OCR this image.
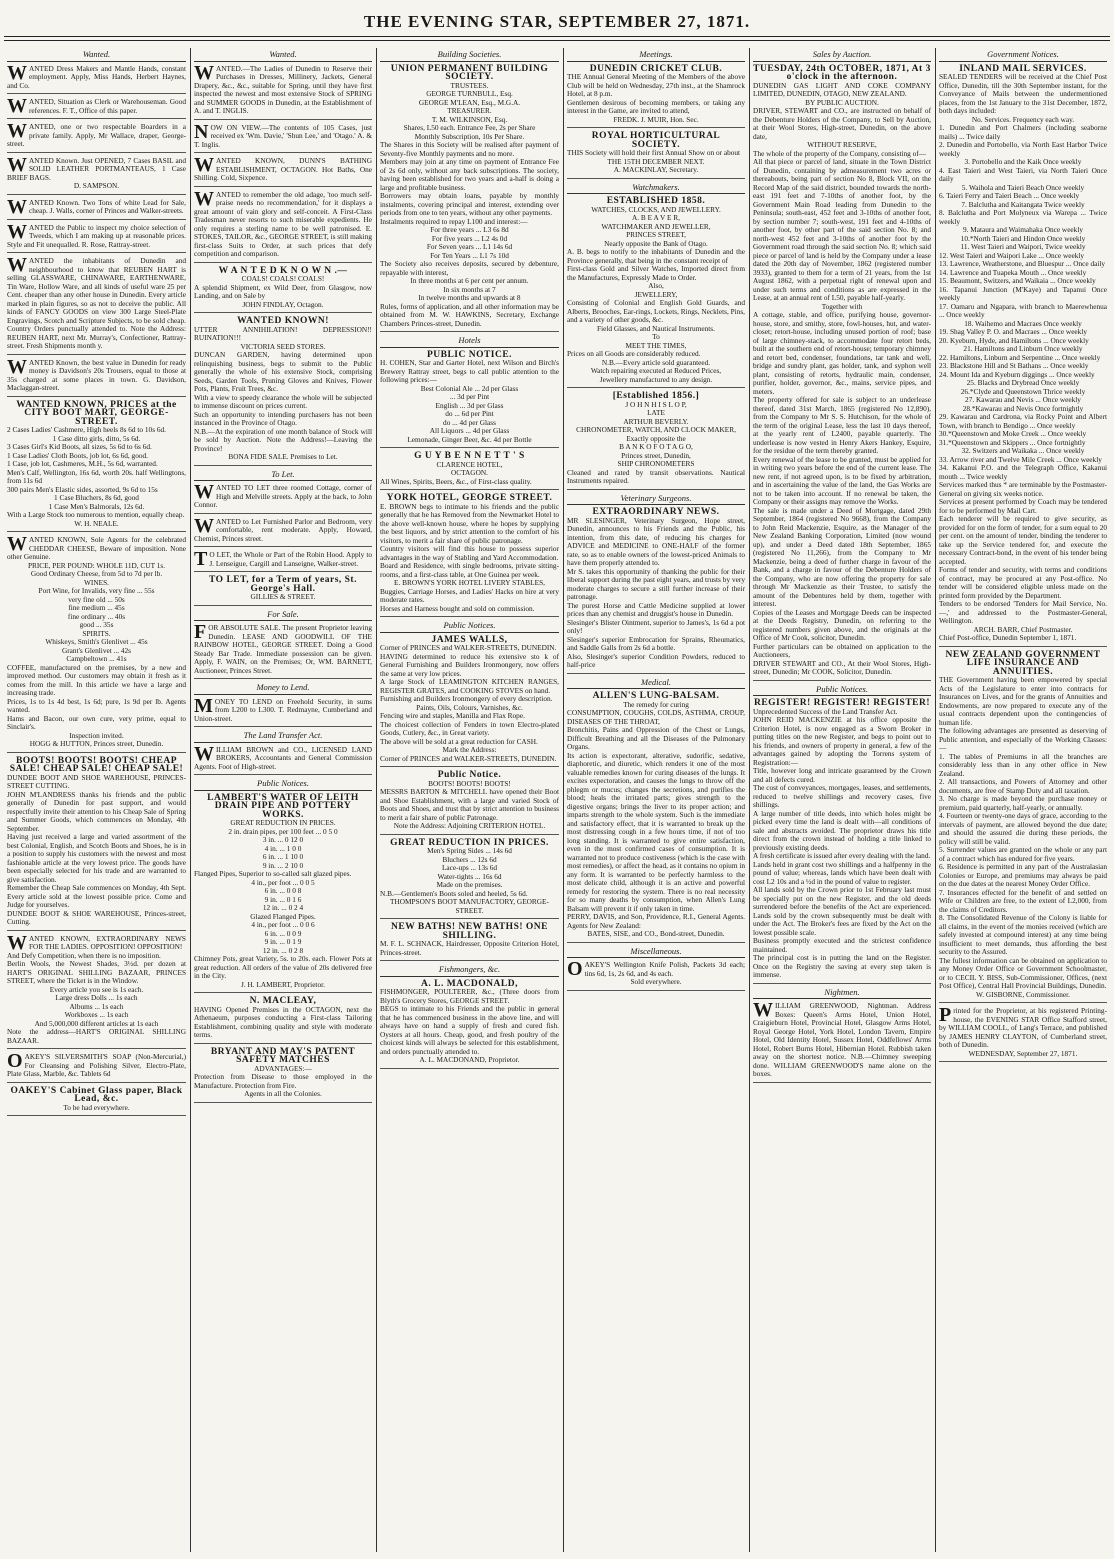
THE EVENING STAR, SEPTEMBER 27, 1871.
Wanted.

WANTED Dress Makers and Mantle Hands, constant employment. Apply, Miss Hands, Herbert Haynes, and Co.

WANTED, Situation as Clerk or Warehouseman. Good references. F. T., Office of this paper.

WANTED, one or two respectable Boarders in a private family. Apply, Mr Wallace, draper, George-street.

WANTED Known. Just OPENED, 7 Cases BASIL and SOLID LEATHER PORTMANTEAUS, 1 Case BRIEF BAGS.

D. SAMPSON.

WANTED Known. Two Tons of white Lead for Sale, cheap. J. Walls, corner of Princes and Walker-streets.

WANTED the Public to inspect my choice selection of Tweeds, which I am making up at reasonable prices. Style and Fit unequalled. R. Rose, Rattray-street.

WANTED the inhabitants of Dunedin and neighbourhood to know that REUBEN HART is selling GLASSWARE, CHINAWARE, EARTHENWARE, Tin Ware, Hollow Ware, and all kinds of useful ware 25 per Cent. cheaper than any other house in Dunedin. Every article marked in plain figures, so as not to deceive the public. All kinds of FANCY GOODS on view 300 Large Steel-Plate Engravings, Scotch and Scripture Subjects, to be sold cheap. Country Orders punctually attended to. Note the Address: REUBEN HART, next Mr. Murray's, Confectioner, Rattray-street. Fresh Shipments month y.

WANTED Known, the best value in Dunedin for ready money is Davidson's 20s Trousers, equal to those at 35s charged at some places in town. G. Davidson, Maclaggan-street.

WANTED KNOWN, PRICES at the CITY BOOT MART, GEORGE-STREET.

2 Cases Ladies' Cashmere, High heels 8s 6d to 10s 6d.

1 Case ditto girls, ditto, 5s 6d.

3 Cases Girl's Kid Boots, all sizes, 5s 6d to 6s 6d.

1 Case Ladies' Cloth Boots, job lot, 6s 6d, good.

1 Case, job lot, Cashmeres, M.H., 5s 6d, warranted.

Men's Calf, Wellington, 16s 6d, worth 20s. half Wellingtons, from 11s 6d

300 pairs Men's Elastic sides, assorted, 9s 6d to 15s

1 Case Bluchers, 8s 6d, good

1 Case Men's Balmorals, 12s 6d.

With a Large Stock too numerous to mention, equally cheap.

W. H. NEALE.

WANTED KNOWN, Sole Agents for the celebrated CHEDDAR CHEESE, Beware of imposition. None other Genuine.

PRICE, PER POUND: WHOLE 11D, CUT 1s.

Good Ordinary Cheese, from 5d to 7d per lb.

WINES.

Port Wine, for Invalids, very fine ... 55s

very fine old ... 50s

fine medium ... 45s

fine ordinary ... 40s

good ... 35s

SPIRITS.

Whiskeys, Smith's Glenlivet ... 45s

Grant's Glenlivet ... 42s

Campbeltown ... 41s

COFFEE, manufactured on the premises, by a new and improved method. Our customers may obtain it fresh as it comes from the mill. In this article we have a large and increasing trade.

Prices, 1s to 1s 4d best, 1s 6d; pure, 1s 9d per lb. Agents wanted.

Hams and Bacon, our own cure, very prime, equal to Sinclair's.

Inspection invited.

HOGG & HUTTON, Princes street, Dunedin.

BOOTS! BOOTS! BOOTS! CHEAP SALE! CHEAP SALE! CHEAP SALE!

DUNDEE BOOT AND SHOE WAREHOUSE, PRINCES-STREET CUTTING.

JOHN M'LANDRESS thanks his friends and the public generally of Dunedin for past support, and would respectfully invite their attention to his Cheap Sale of Spring and Summer Goods, which commences on Monday, 4th September.

Having just received a large and varied assortment of the best Colonial, English, and Scotch Boots and Shoes, he is in a position to supply his customers with the newest and most fashionable article at the very lowest price. The goods have been especially selected for his trade and are warranted to give satisfaction.

Remember the Cheap Sale commences on Monday, 4th Sept. Every article sold at the lowest possible price. Come and Judge for yourselves.

DUNDEE BOOT & SHOE WAREHOUSE, Princes-street, Cutting.

WANTED KNOWN, EXTRAORDINARY NEWS FOR THE LADIES. OPPOSITION! OPPOSITION!

And Defy Competition, when there is no imposition.

Berlin Wools, the Newest Shades, 3½d. per dozen at HART'S ORIGINAL SHILLING BAZAAR, PRINCES STREET, where the Ticket is in the Window.

Every article you see is 1s each.

Large dress Dolls ... 1s each

Albums ... 1s each

Workboxes ... 1s each

And 5,000,000 different articles at 1s each

Note the address—HART'S ORIGINAL SHILLING BAZAAR.

OAKEY'S SILVERSMITH'S SOAP (Non-Mercurial,) For Cleansing and Polishing Silver, Electro-Plate, Plate Glass, Marble, &c. Tablets 6d

OAKEY'S Cabinet Glass paper, Black Lead, &c.

To be had everywhere.

Wanted.

WANTED.—The Ladies of Dunedin to Reserve their Purchases in Dresses, Millinery, Jackets, General Drapery, &c., &c., suitable for Spring, until they have first inspected the newest and most extensive Stock of SPRING and SUMMER GOODS in Dunedin, at the Establishment of A. and T. INGLIS.

NOW ON VIEW.—The contents of 105 Cases, just received ex 'Wm. Davie,' 'Shun Lee,' and 'Otago.' A. & T. Inglis.

WANTED KNOWN, DUNN'S BATHING ESTABLISHMENT, OCTAGON. Hot Baths, One Shilling. Cold, Sixpence.

WANTED to remember the old adage, 'too much self-praise needs no recommendation,' for it displays a great amount of vain glory and self-conceit. A First-Class Tradesman never resorts to such miserable expedients. He only requires a sterling name to be well patronised. E. STOKES, TAILOR, &c., GEORGE STREET, is still making first-class Suits to Order, at such prices that defy competition and comparison.

W A N T E D K N O W N .—

COALS! COALS! COALS!

A splendid Shipment, ex Wild Deer, from Glasgow, now Landing, and on Sale by

JOHN FINDLAY, Octagon.

WANTED KNOWN!

UTTER ANNIHILATION! DEPRESSION!! RUINATION!!!

VICTORIA SEED STORES.

DUNCAN GARDEN, having determined upon relinquishing business, begs to submit to the Public generally the whole of his extensive Stock, comprising Seeds, Garden Tools, Pruning Gloves and Knives, Flower Pots, Plants, Fruit Trees, &c.

With a view to speedy clearance the whole will be subjected to immense discount on prices current.

Such an opportunity to intending purchasers has not been instanced in the Province of Otago.

N.B.—At the expiration of one month balance of Stock will be sold by Auction. Note the Address!—Leaving the Province!

BONA FIDE SALE. Premises to Let.

To Let.

WANTED TO LET three roomed Cottage, corner of High and Melville streets. Apply at the back, to John Connor.

WANTED to Let Furnished Parlor and Bedroom, very comfortable, rent moderate. Apply, Howard, Chemist, Princes street.

TO LET, the Whole or Part of the Robin Hood. Apply to J. Lenseigue, Cargill and Lanseigne, Walker-street.

TO LET, for a Term of years, St. George's Hall.

GILLIES & STREET.

For Sale.

FOR ABSOLUTE SALE. The present Proprietor leaving Dunedin. LEASE AND GOODWILL OF THE RAINBOW HOTEL, GEORGE STREET. Doing a Good Steady Bar Trade. Immediate possession can be given. Apply, F. WAIN, on the Premises; Or, WM. BARNETT, Auctioneer, Princes Street.

Money to Lend.

MONEY TO LEND on Freehold Security, in sums from L200 to L300. T. Redmayne, Cumberland and Union-street.

The Land Transfer Act.

WILLIAM BROWN and CO., LICENSED LAND BROKERS, Accountants and General Commission Agents. Foot of High-street.

Public Notices.

LAMBERT'S WATER OF LEITH DRAIN PIPE AND POTTERY WORKS.

GREAT REDUCTION IN PRICES.

2 in. drain pipes, per 100 feet ... 0 5 0

3 in. ... 0 12 0

4 in. ... 1 0 0

6 in. ... 1 10 0

9 in. ... 2 10 0

Flanged Pipes, Superior to so-called salt glazed pipes.

4 in., per foot ... 0 0 5

6 in. ... 0 0 8

9 in. ... 0 1 6

12 in. ... 0 2 4

Glazed Flanged Pipes.

4 in., per foot ... 0 0 6

6 in. ... 0 0 9

9 in. ... 0 1 9

12 in. ... 0 2 8

Chimney Pots, great Variety, 5s. to 20s. each. Flower Pots at great reduction. All orders of the value of 20s delivered free in the City.

J. H. LAMBERT, Proprietor.

N. MACLEAY,

HAVING Opened Premises in the OCTAGON, next the Athenaeum, purposes conducting a First-class Tailoring Establishment, combining quality and style with moderate terms.

BRYANT AND MAY'S PATENT SAFETY MATCHES

ADVANTAGES:—

Protection from Disease to those employed in the Manufacture. Protection from Fire.

Agents in all the Colonies.

Building Societies.

UNION PERMANENT BUILDING SOCIETY.

TRUSTEES.

GEORGE TURNBULL, Esq.

GEORGE M'LEAN, Esq., M.G.A.

TREASURER.

T. M. WILKINSON, Esq.

Shares, L50 each. Entrance Fee, 2s per Share

Monthly Subscription, 10s Per Share.

The Shares in this Society will be realised after payment of Seventy-five Monthly payments and no more.

Members may join at any time on payment of Entrance Fee of 2s 6d only, without any back subscriptions. The society, having been established for two years and a-half is doing a large and profitable business.

Borrowers may obtain loans, payable by monthly instalments, covering principal and interest, extending over periods from one to ten years, without any other payments.

Instalments required to repay L100 and interest:—

For three years ... L3 6s 8d

For five years ... L2 4s 0d

For Seven years ... L1 14s 6d

For Ten Years ... L1 7s 10d

The Society also receives deposits, secured by debenture, repayable with interest,

In three months at 6 per cent per annum.

In six months at 7

In twelve months and upwards at 8

Rules, forms of application, and all other information may be obtained from M. W. HAWKINS, Secretary, Exchange Chambers Princes-street, Dunedin.

Hotels

PUBLIC NOTICE.

H. COHEN, Star and Garter Hotel, next Wilson and Birch's Brewery Rattray street, begs to call public attention to the following prices:—

Best Colonial Ale ... 2d per Glass

... 3d per Pint

English ... 3d per Glass

do ... 6d per Pint

do ... 4d per Glass

All Liquors ... 4d per Glass

Lemonade, Ginger Beer, &c. 4d per Bottle

G U Y B E N N E T T ' S

CLARENCE HOTEL,

OCTAGON.

All Wines, Spirits, Beers, &c., of First-class quality.

YORK HOTEL, GEORGE STREET.

E. BROWN begs to intimate to his friends and the public generally that he has Removed from the Newmarket Hotel to the above well-known house, where he hopes by supplying the best liquors, and by strict attention to the comfort of his visitors, to merit a fair share of public patronage.

Country visitors will find this house to possess superior advantages in the way of Stabling and Yard Accommodation.

Board and Residence, with single bedrooms, private sitting-rooms, and a first-class table, at One Guinea per week.

E. BROWN'S YORK HOTEL LIVERY STABLES,

Buggies, Carriage Horses, and Ladies' Hacks on hire at very moderate rates.

Horses and Harness bought and sold on commission.

Public Notices.

JAMES WALLS,

Corner of PRINCES and WALKER-STREETS, DUNEDIN.

HAVING determined to reduce his extensive sto k of General Furnishing and Builders Ironmongery, now offers the same at very low prices.

A large Stock of LEAMINGTON KITCHEN RANGES, REGISTER GRATES, and COOKING STOVES on hand.

Furnishing and Builders Ironmongery of every description.

Paints, Oils, Colours, Varnishes, &c.

Fencing wire and staples, Manilla and Flax Rope.

The choicest collection of Fenders in town Electro-plated Goods, Cutlery, &c., in Great variety.

The above will be sold at a great reduction for CASH.

Mark the Address:

Corner of PRINCES and WALKER-STREETS, DUNEDIN.

Public Notice.

BOOTS! BOOTS! BOOTS!

MESSRS BARTON & MITCHELL have opened their Boot and Shoe Establishment, with a large and varied Stock of Boots and Shoes, and trust that by strict attention to business to merit a fair share of public Patronage.

Note the Address: Adjoining CRITERION HOTEL.

GREAT REDUCTION IN PRICES.

Men's Spring Sides ... 14s 6d

Bluchers ... 12s 6d

Lace-ups ... 13s 6d

Water-tights ... 16s 6d

Made on the premises.

N.B.—Gentlemen's Boots soled and heeled, 5s 6d.

THOMPSON'S BOOT MANUFACTORY, GEORGE-STREET.

NEW BATHS! NEW BATHS! ONE SHILLING.

M. F. L. SCHNACK, Hairdresser, Opposite Criterion Hotel, Princes-street.

Fishmongers, &c.

A. L. MACDONALD,

FISHMONGER, POULTERER, &c., (Three doors from Blyth's Grocery Stores, GEORGE STREET.

BEGS to intimate to his Friends and the public in general that he has commenced business in the above line, and will always have on hand a supply of fresh and cured fish. Oysters at all hours. Cheap, good, and fresh poultry of the choicest kinds will always be selected for this establishment, and orders punctually attended to.

A. L. MACDONAND, Proprietor.

Meetings.

DUNEDIN CRICKET CLUB.

THE Annual General Meeting of the Members of the above Club will be held on Wednesday, 27th inst., at the Shamrock Hotel, at 8 p.m.

Gentlemen desirous of becoming members, or taking any interest in the Game, are invited to attend,

FREDK. J. MUIR, Hon. Sec.

ROYAL HORTICULTURAL SOCIETY.

THIS Society will hold their first Annual Show on or about

THE 15TH DECEMBER NEXT.

A. MACKINLAY, Secretary.

Watchmakers.

ESTABLISHED 1858.

WATCHES, CLOCKS, AND JEWELLERY.

A. B E A V E R,

WATCHMAKER AND JEWELLER,

PRINCES STREET,

Nearly opposite the Bank of Otago.

A. B. begs to notify to the inhabitants of Dunedin and the Province generally, that being in the constant receipt of

First-class Gold and Silver Watches, Imported direct from the Manufactures, Expressly Made to Order.

Also,

JEWELLERY,

Consisting of Colonial and English Gold Guards, and Alberts, Brooches, Ear-rings, Lockets, Rings, Necklets, Pins, and a variety of other goods, &c.

Field Glasses, and Nautical Instruments.

To

MEET THE TIMES,

Prices on all Goods are considerably reduced.

N.B.—Every article sold guaranteed.

Watch repairing executed at Reduced Prices,

Jewellery manufactured to any design.

[Established 1856.]

J O H N H I S L O P,

LATE

ARTHUR BEVERLY.

CHRONOMETER, WATCH, AND CLOCK MAKER,

Exactly opposite the

B A N K O F O T A G O,

Princes street, Dunedin,

SHIP CHRONOMETERS

Cleaned and rated by transit observations. Nautical Instruments repaired.

Veterinary Surgeons.

EXTRAORDINARY NEWS.

MR SLESINGER, Veterinary Surgeon, Hope street, Dunedin, announces to his Friends and the Public, his intention, from this date, of reducing his charges for ADVICE and MEDICINE to ONE-HALF of the former rate, so as to enable owners of the lowest-priced Animals to have them properly attended to.

Mr S. takes this opportunity of thanking the public for their liberal support during the past eight years, and trusts by very moderate charges to secure a still further increase of their patronage.

The purest Horse and Cattle Medicine supplied at lower prices than any chemist and druggist's house in Dunedin.

Slesinger's Blister Ointment, superior to James's, 1s 6d a pot only!

Slesinger's superior Embrocation for Sprains, Rheumatics, and Saddle Galls from 2s 6d a bottle.

Also, Slesinger's superior Condition Powders, reduced to half-price

Medical.

ALLEN'S LUNG-BALSAM.

The remedy for curing

CONSUMPTION, COUGHS, COLDS, ASTHMA, CROUP, DISEASES OF THE THROAT,

Bronchitis, Pains and Oppression of the Chest or Lungs, Difficult Breathing and all the Diseases of the Pulmonary Organs.

Its action is expectorant, alterative, sudorific, sedative, diaphoretic, and diuretic, which renders it one of the most valuable remedies known for curing diseases of the lungs. It excites expectoration, and causes the lungs to throw off the phlegm or mucus; changes the secretions, and purifies the blood; heals the irritated parts; gives strength to the digestive organs; brings the liver to its proper action; and imparts strength to the whole system. Such is the immediate and satisfactory effect, that it is warranted to break up the most distressing cough in a few hours time, if not of too long standing. It is warranted to give entire satisfaction, even in the most confirmed cases of consumption. It is warranted not to produce costiveness (which is the case with most remedies), or affect the head, as it contains no opium in any form. It is warranted to be perfectly harmless to the most delicate child, although it is an active and powerful remedy for restoring the system. There is no real necessity for so many deaths by consumption, when Allen's Lung Balsam will prevent it if only taken in time.

PERRY, DAVIS, and Son, Providence, R.I., General Agents. Agents for New Zealand:

BATES, SISE, and CO., Bond-street, Dunedin.

Miscellaneous.

OAKEY'S Wellington Knife Polish, Packets 3d each; tins 6d, 1s, 2s 6d, and 4s each.

Sold everywhere.

Sales by Auction.

TUESDAY, 24th OCTOBER, 1871, At 3 o'clock in the afternoon.

DUNEDIN GAS LIGHT AND COKE COMPANY LIMITED, DUNEDIN, OTAGO, NEW ZEALAND.

BY PUBLIC AUCTION.

DRIVER, STEWART and CO., are instructed on behalf of the Debenture Holders of the Company, to Sell by Auction, at their Wool Stores, High-street, Dunedin, on the above date,

WITHOUT RESERVE,

The whole of the property of the Company, consisting of—

All that piece or parcel of land, situate in the Town District of Dunedin, containing by admeasurement two acres or thereabouts, being part of section No 8, Block VII, on the Record Map of the said district, bounded towards the north-east 191 feet and 7-10ths of another foot, by the Government Main Road leading from Dunedin to the Peninsula; south-east, 452 feet and 3-10ths of another foot, by section number 7; south-west, 191 feet and 4-10ths of another foot, by other part of the said section No. 8; and north-west 452 feet and 3-10ths of another foot by the Government road through the said section No. 8; which said piece or parcel of land is held by the Company under a lease dated the 20th day of November, 1862 (registered number 3933), granted to them for a term of 21 years, from the 1st August 1862, with a perpetual right of renewal upon and under such terms and conditions as are expressed in the Lease, at an annual rent of L50, payable half-yearly.

Together with

A cottage, stable, and office, purifying house, governor-house, store, and smithy, store, fowl-houses, hut, and water-closet; retort-house, including unused portion of roof; base of large chimney-stack, to accommodate four retort beds, built at the southern end of retort-house; temporary chimney and retort bed, condenser, foundations, tar tank and well, bridge and sundry plant, gas holder, tank, and syphon well plant, consisting of retorts, hydraulic main, condenser, purifier, holder, governor, &c., mains, service pipes, and meters.

The property offered for sale is subject to an underlease thereof, dated 31st March, 1865 (registered No 12,890), from the Company to Mr S. S. Hutchison, for the whole of the term of the original Lease, less the last 10 days thereof, at the yearly rent of L2400, payable quarterly. The underlease is now vested in Henry Akers Hankey, Esquire, for the residue of the term thereby granted.

Every renewal of the lease to be granted, must be applied for in writing two years before the end of the current lease. The new rent, if not agreed upon, is to be fixed by arbitration, and in ascertaining the value of the land, the Gas Works are not to be taken into account. If no renewal be taken, the Company or their assigns may remove the Works.

The sale is made under a Deed of Mortgage, dated 29th September, 1864 (registered No 9668), from the Company to John Reid Mackenzie, Esquire, as the Manager of the New Zealand Banking Corporation, Limited (now wound up), and under a Deed dated 18th September, 1865 (registered No 11,266), from the Company to Mr Mackenzie, being a deed of further charge in favour of the Bank, and a charge in favour of the Debenture Holders of the Company, who are now offering the property for sale through Mr Mackenzie as their Trustee, to satisfy the amount of the Debentures held by them, together with interest.

Copies of the Leases and Mortgage Deeds can be inspected at the Deeds Registry, Dunedin, on referring to the registered numbers given above, and the originals at the Office of Mr Cook, solicitor, Dunedin.

Further particulars can be obtained on application to the Auctioneers,

DRIVER STEWART and CO., At their Wool Stores, High-street, Dunedin; Mr COOK, Solicitor, Dunedin.

Public Notices.

REGISTER! REGISTER! REGISTER!

Unprecedented Success of the Land Transfer Act.

JOHN REID MACKENZIE at his office opposite the Criterion Hotel, is now engaged as a Sworn Broker in putting titles on the new Register, and begs to point out to his friends, and owners of property in general, a few of the advantages gained by adopting the Torrens system of Registration:—

Title, however long and intricate guaranteed by the Crown and all defects cured.

The cost of conveyances, mortgages, leases, and settlements, reduced to twelve shillings and recovery cases, five shillings.

A large number of title deeds, into which holes might be picked every time the land is dealt with—all conditions of sale and abstracts avoided. The proprietor draws his title direct from the crown instead of holding a title linked to previously existing deeds.

A fresh certificate is issued after every dealing with the land.

Lands held in grant cost two shillings and a halfpenny in the pound of value; whereas, lands which have been dealt with cost L2 10s and a ½d in the pound of value to register.

All lands sold by the Crown prior to 1st February last must be specially put on the new Register, and the old deeds surrendered before the benefits of the Act are experienced. Lands sold by the crown subsequently must be dealt with under the Act. The Broker's fees are fixed by the Act on the lowest possible scale.

Business promptly executed and the strictest confidence maintained.

The principal cost is in putting the land on the Register. Once on the Registry the saving at every step taken is immense.

Nightmen.

WILLIAM GREENWOOD, Nightman. Address Boxes: Queen's Arms Hotel, Union Hotel, Craigieburn Hotel, Provincial Hotel, Glasgow Arms Hotel, Royal George Hotel, York Hotel, London Tavern, Empire Hotel, Old Identity Hotel, Sussex Hotel, Oddfellows' Arms Hotel, Robert Burns Hotel, Hibernian Hotel. Rubbish taken away on the shortest notice. N.B.—Chimney sweeping done. WILLIAM GREENWOOD'S name alone on the boxes.

Government Notices.

INLAND MAIL SERVICES.

SEALED TENDERS will be received at the Chief Post Office, Dunedin, till the 30th September instant, for the Conveyance of Mails between the undermentioned places, from the 1st January to the 31st December, 1872, both days included:

No. Services. Frequency each way.

1. Dunedin and Port Chalmers (including seaborne mails) ... Twice daily

2. Dunedin and Portobello, via North East Harbor Twice weekly

3. Portobello and the Kaik Once weekly

4. East Taieri and West Taieri, via North Taieri Once daily

5. Waihola and Taieri Beach Once weekly

6. Taieri Ferry and Taieri Beach ... Once weekly

7. Balclutha and Kaitangata Twice weekly

8. Balclutha and Port Molyneux via Warepa ... Twice weekly

9. Mataura and Waimahaka Once weekly

10.*North Taieri and Hindon Once weekly

11. West Taieri and Waipori, Twice weekly

12. West Taieri and Waipori Lake ... Once weekly

13. Lawrence, Weatherstone, and Bluespur ... Once daily

14. Lawrence and Tuapeka Mouth ... Once weekly

15. Beaumont, Switzers, and Waikaia ... Once weekly

16. Tapanui Junction (M'Kaye) and Tapanui Once weekly

17. Oamaru and Ngapara, with branch to Maerewhenua ... Once weekly

18. Waihemo and Macraes Once weekly

19. Shag Valley P. O. and Macraes ... Once weekly

20. Kyeburn, Hyde, and Hamiltons ... Once weekly

21. Hamiltons and Linburn Once weekly

22. Hamiltons, Linburn and Serpentine ... Once weekly

23. Blackstone Hill and St Bathans ... Once weekly

24. Mount Ida and Kyeburn diggings ... Once weekly

25. Blacks and Drybread Once weekly

26.*Clyde and Queenstown Thrice weekly

27. Kawarau and Nevis ... Once weekly

28.*Kawarau and Nevis Once fortnightly

29. Kawarau and Cardrona, via Rocky Point and Albert Town, with branch to Bendigo ... Once weekly

30.*Queenstown and Moke Creek ... Once weekly

31.*Queenstown and Skippers ... Once fortnightly

32. Switzers and Waikaka ... Once weekly

33. Arrow river and Twelve Mile Creek ... Once weekly

34. Kakanui P.O. and the Telegraph Office, Kakanui mouth ... Twice weekly

Services marked thus * are terminable by the Postmaster-General on giving six weeks notice.

Services at present performed by Coach may be tendered for to be performed by Mail Cart.

Each tenderer will be required to give security, as provided for on the form of tender, for a sum equal to 20 per cent. on the amount of tender, binding the tenderer to take up the Service tendered for, and execute the necessary Contract-bond, in the event of his tender being accepted.

Forms of tender and security, with terms and conditions of contract, may be procured at any Post-office. No tender will be considered eligible unless made on the printed form provided by the Department.

Tenders to be endorsed 'Tenders for Mail Service, No. —,' and addressed to the Postmaster-General, Wellington.

ARCH. BARR, Chief Postmaster.

Chief Post-office, Dunedin September 1, 1871.

NEW ZEALAND GOVERNMENT LIFE INSURANCE AND ANNUITIES.

THE Government having been empowered by special Acts of the Legislature to enter into contracts for Insurances on Lives, and for the grants of Annuities and Endowments, are now prepared to execute any of the usual contracts dependent upon the contingencies of human life.

The following advantages are presented as deserving of Public attention, and especially of the Working Classes:—

1. The tables of Premiums in all the branches are considerably less than in any other office in New Zealand.

2. All transactions, and Powers of Attorney and other documents, are free of Stamp Duty and all taxation.

3. No charge is made beyond the purchase money or premium, paid quarterly, half-yearly, or annually.

4. Fourteen or twenty-one days of grace, according to the intervals of payment, are allowed beyond the due date; and should the assured die during these periods, the policy will still be valid.

5. Surrender values are granted on the whole or any part of a contract which has endured for five years.

6. Residence is permitted in any part of the Australasian Colonies or Europe, and premiums may always be paid on the due dates at the nearest Money Order Office.

7. Insurances effected for the benefit of and settled on Wife or Children are free, to the extent of L2,000, from the claims of Creditors.

8. The Consolidated Revenue of the Colony is liable for all claims, in the event of the monies received (which are safely invested at compound interest) at any time being insufficient to meet demands, thus affording the best security to the Assured.

The fullest information can be obtained on application to any Money Order Office or Government Schoolmaster, or to CECIL Y. BISS, Sub-Commissioner, Offices, (next Post Office), Central Hall Provincial Buildings, Dunedin.

W. GISBORNE, Commissioner.

Printed for the Proprietor, at his registered Printing-house, the EVENING STAR Office Stafford street, by WILLIAM COOLL, of Lang's Terrace, and published by JAMES HENRY CLAYTON, of Cumberland street, both of Dunedin.

WEDNESDAY, September 27, 1871.
